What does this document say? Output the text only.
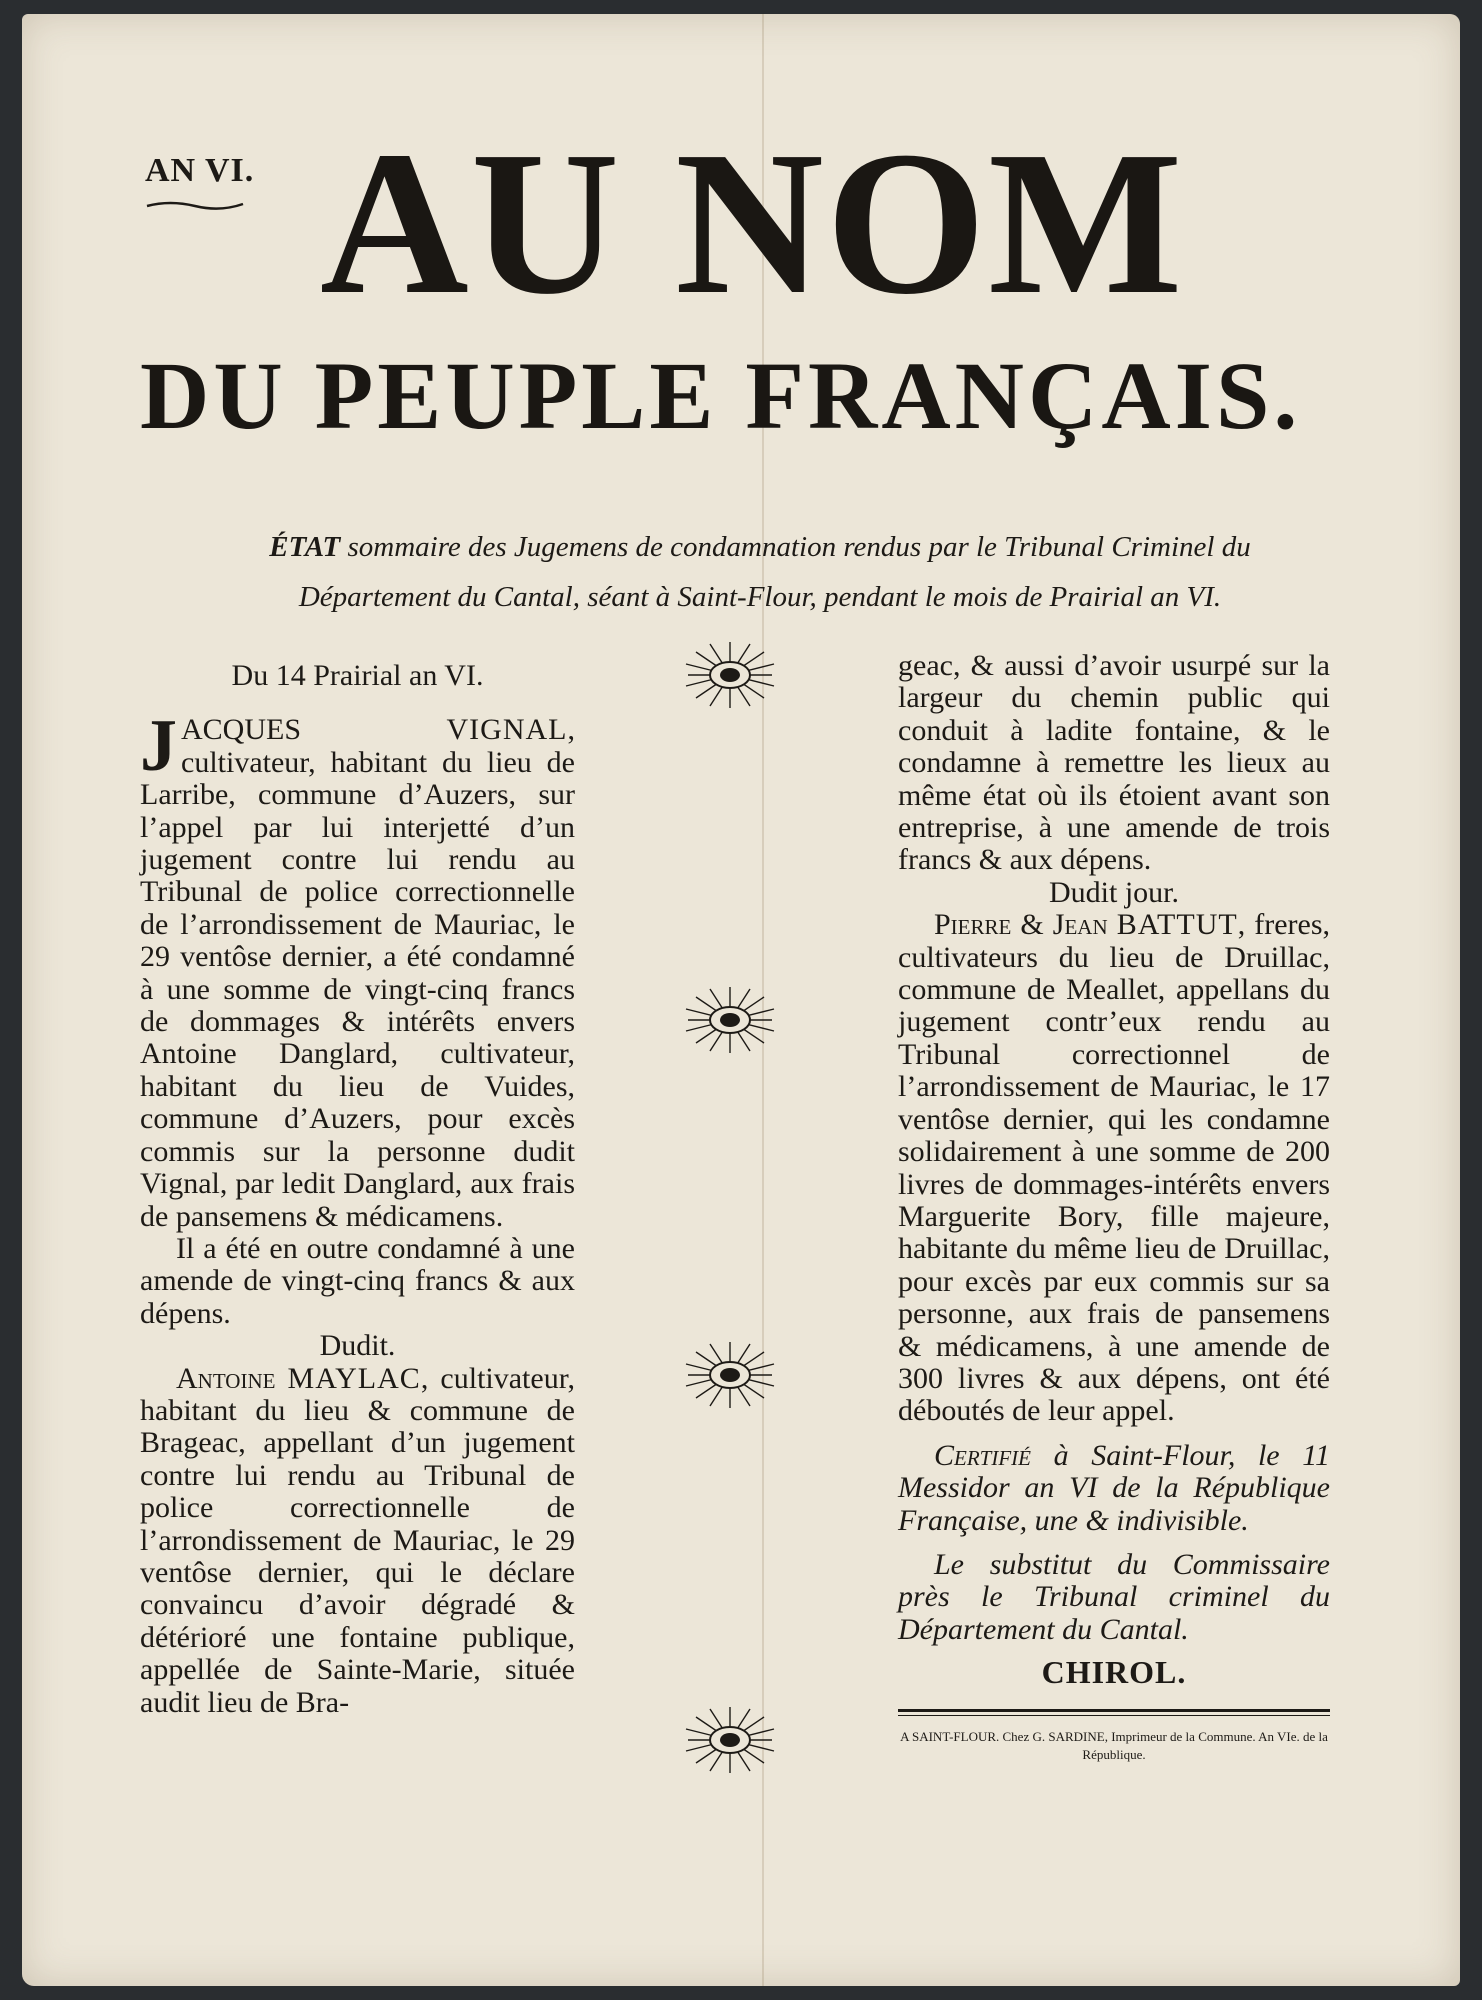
AN VI. AU NOM
DU PEUPLE FRANÇAIS.
ÉTAT sommaire des Jugemens de condamnation rendus par le Tribunal Criminel du
Département du Cantal, séant à Saint-Flour, pendant le mois de Prairial an VI.

Du 14 Prairial an VI.

JACQUES	VIGNAL, cultivateur, habitant du lieu de Larribe, commune d’Auzers, sur l’appel par lui interjetté d’un jugement contre lui rendu au Tribunal de police correctionnelle de l’arrondissement de Mauriac, le 29 ventôse dernier, a été condamné à une somme de vingt-cinq francs de dommages & intérêts envers Antoine Danglard, cultivateur, habitant du lieu de Vuides, commune d’Auzers, pour excès commis sur la personne dudit Vignal, par ledit Danglard, aux frais de pansemens & médicamens.

Il a été en outre condamné à une amende de vingt-cinq francs & aux dépens.

Dudit.

Antoine MAYLAC, cultivateur, habitant du lieu & commune de Brageac, appellant d’un jugement contre lui rendu au Tribunal de police correctionnelle de l’arrondissement de Mauriac, le 29 ventôse dernier, qui le déclare convaincu d’avoir dégradé & détérioré une fontaine publique, appellée de Sainte-Marie, située audit lieu de Bra-

geac, & aussi d’avoir usurpé sur la largeur du chemin public qui conduit à ladite fontaine, & le condamne à remettre les lieux au même état où ils étoient avant son entreprise, à une amende de trois francs & aux dépens.

Dudit jour.

Pierre & Jean BATTUT, freres, cultivateurs du lieu de Druillac, commune de Meallet, appellans du jugement contr’eux rendu au Tribunal correctionnel de l’arrondissement de Mauriac, le 17 ventôse dernier, qui les condamne solidairement à une somme de 200 livres de dommages-intérêts envers Marguerite Bory, fille majeure, habitante du même lieu de Druillac, pour excès par eux commis sur sa personne, aux frais de pansemens & médicamens, à une amende de 300 livres & aux dépens, ont été déboutés de leur appel.

Certifié à Saint-Flour, le 11 Messidor an VI de la République Française, une & indivisible.

Le substitut du Commissaire près le Tribunal criminel du Département du Cantal.

CHIROL.

A SAINT-FLOUR. Chez G. SARDINE, Imprimeur de la Commune. An VIe. de la République.
